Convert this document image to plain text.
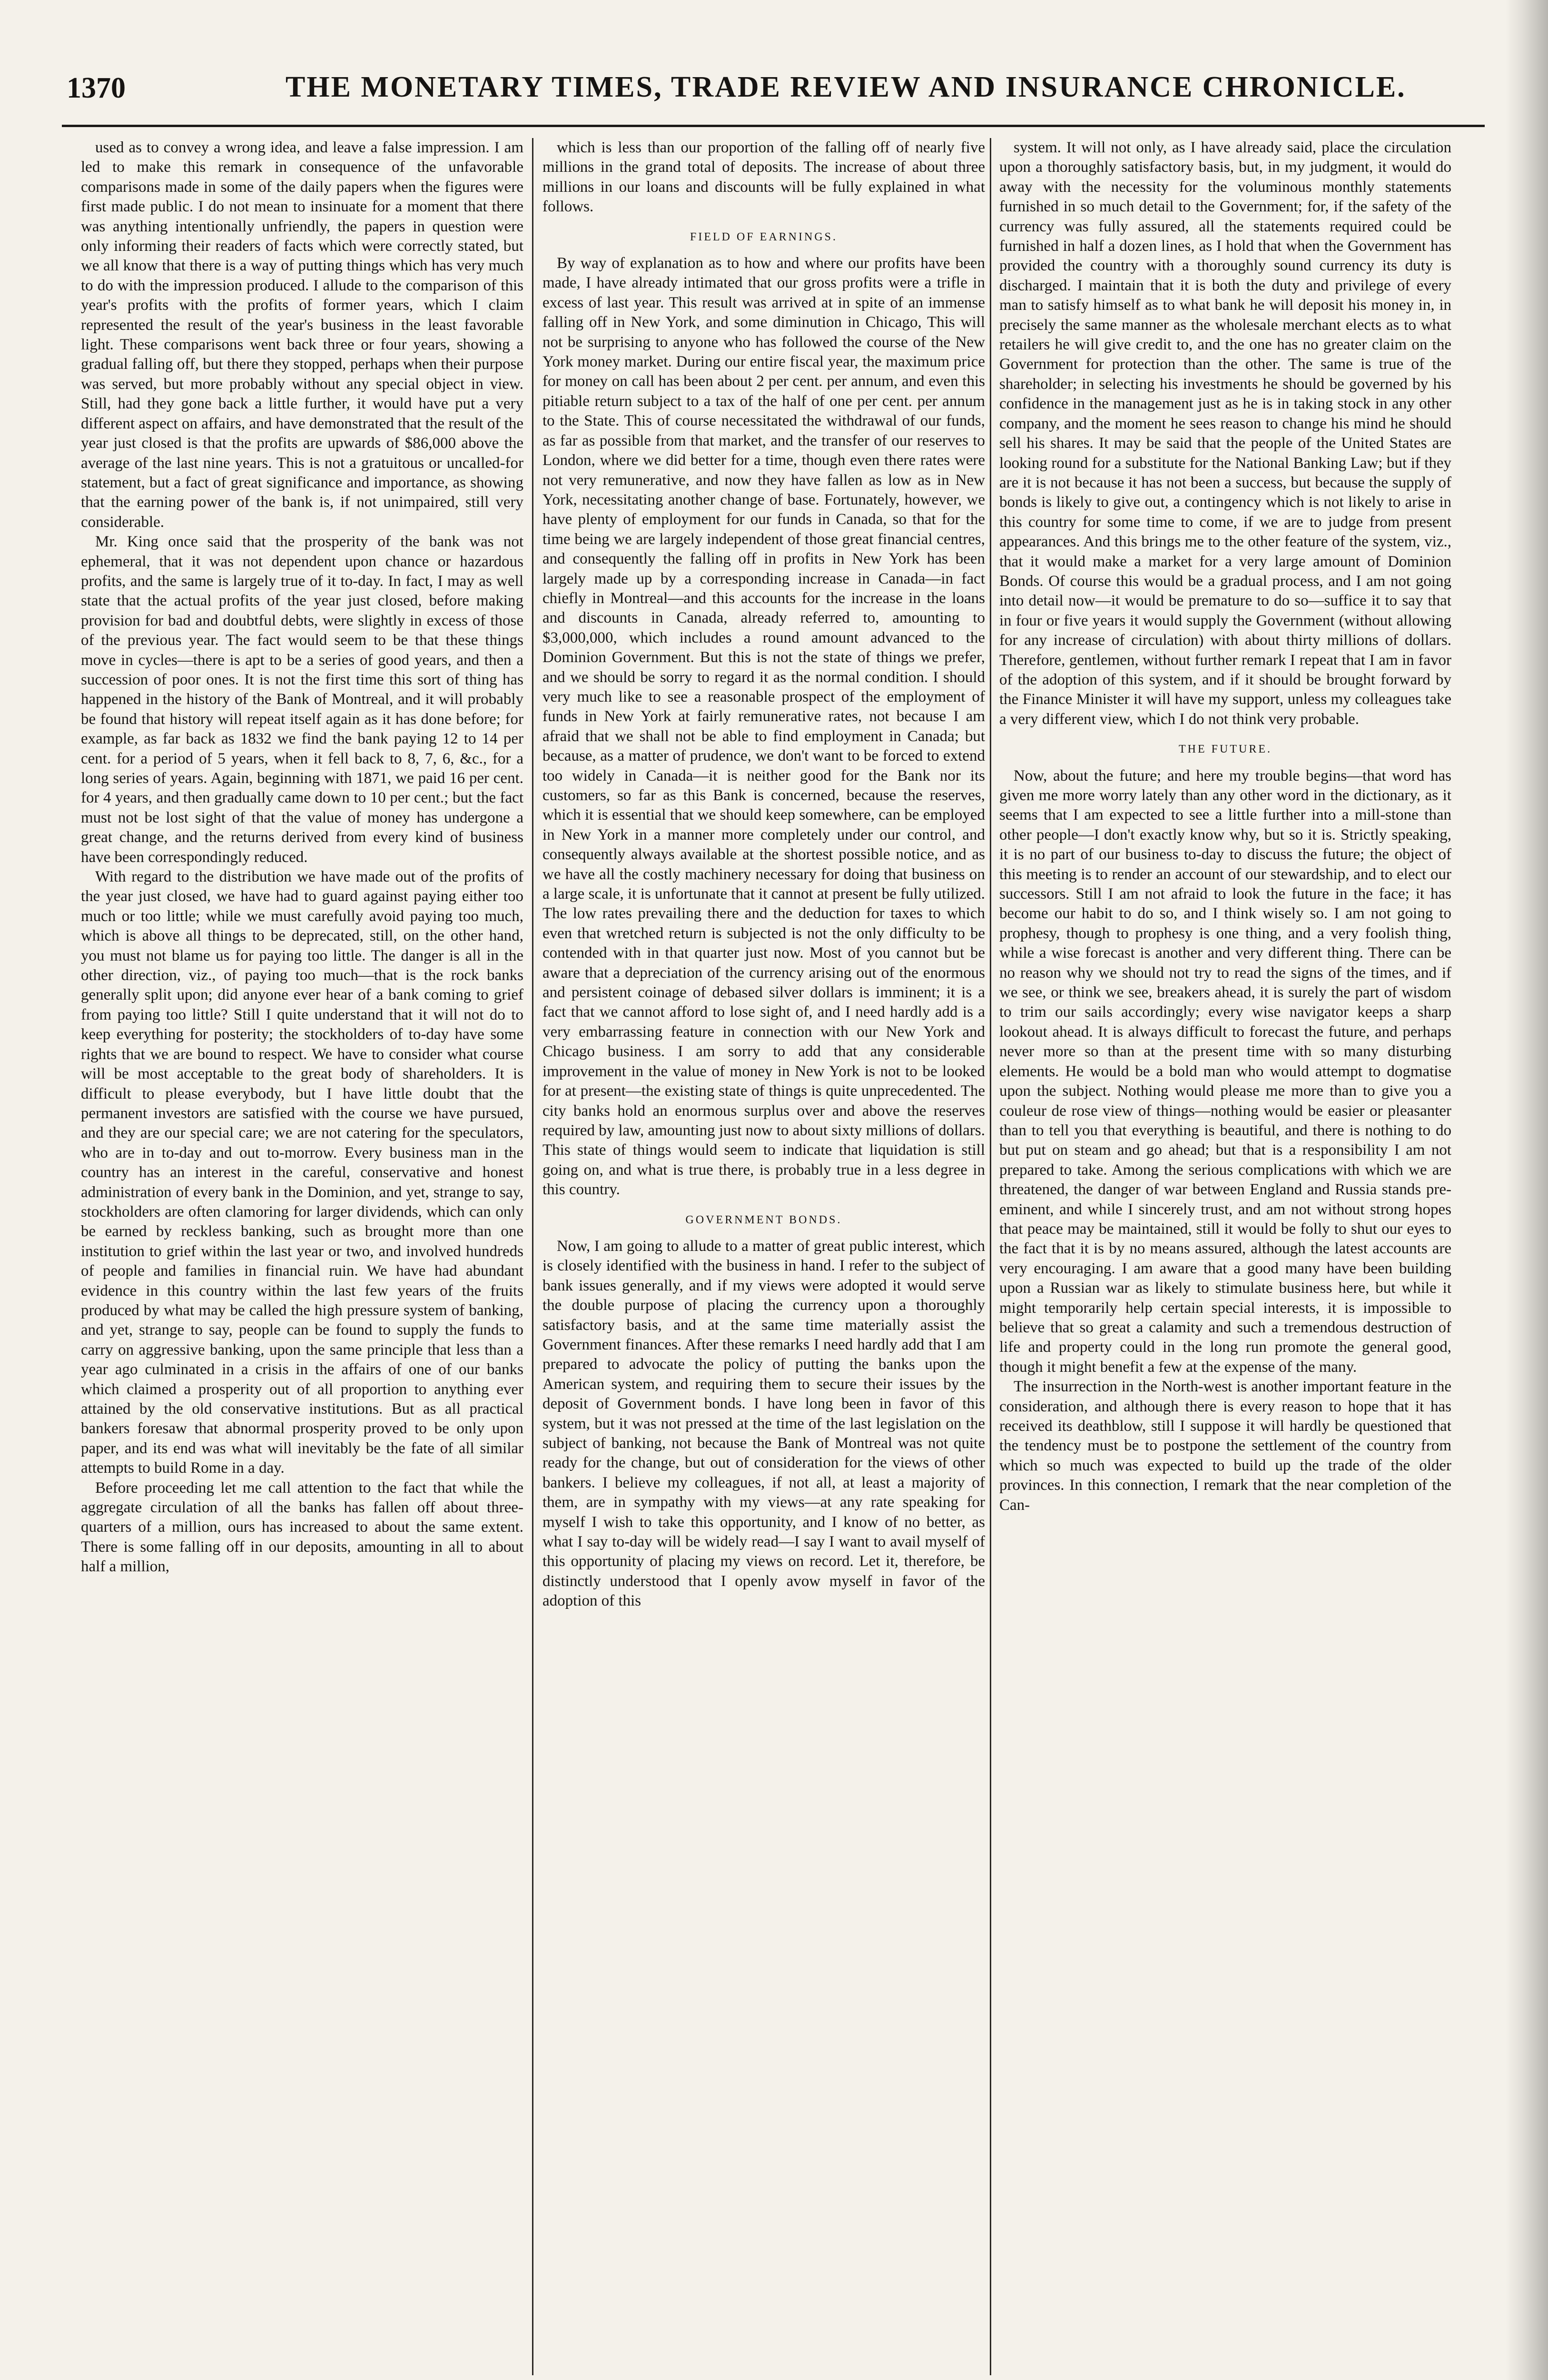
1370	THE MONETARY TIMES, TRADE REVIEW AND INSURANCE CHRONICLE.

used as to convey a wrong idea, and leave a false impression. I am led to make this remark in consequence of the unfavorable comparisons made in some of the daily papers when the figures were first made public. I do not mean to insinuate for a moment that there was anything intentionally unfriendly, the papers in question were only informing their readers of facts which were correctly stated, but we all know that there is a way of putting things which has very much to do with the impression produced. I allude to the comparison of this year's profits with the profits of former years, which I claim represented the result of the year's business in the least favorable light. These comparisons went back three or four years, showing a gradual falling off, but there they stopped, perhaps when their purpose was served, but more probably without any special object in view. Still, had they gone back a little further, it would have put a very different aspect on affairs, and have demonstrated that the result of the year just closed is that the profits are upwards of $86,000 above the average of the last nine years. This is not a gratuitous or uncalled-for statement, but a fact of great significance and importance, as showing that the earning power of the bank is, if not unimpaired, still very considerable.

Mr. King once said that the prosperity of the bank was not ephemeral, that it was not dependent upon chance or hazardous profits, and the same is largely true of it to-day. In fact, I may as well state that the actual profits of the year just closed, before making provision for bad and doubtful debts, were slightly in excess of those of the previous year. The fact would seem to be that these things move in cycles—there is apt to be a series of good years, and then a succession of poor ones. It is not the first time this sort of thing has happened in the history of the Bank of Montreal, and it will probably be found that history will repeat itself again as it has done before; for example, as far back as 1832 we find the bank paying 12 to 14 per cent. for a period of 5 years, when it fell back to 8, 7, 6, &c., for a long series of years. Again, beginning with 1871, we paid 16 per cent. for 4 years, and then gradually came down to 10 per cent.; but the fact must not be lost sight of that the value of money has undergone a great change, and the returns derived from every kind of business have been correspondingly reduced.

With regard to the distribution we have made out of the profits of the year just closed, we have had to guard against paying either too much or too little; while we must carefully avoid paying too much, which is above all things to be deprecated, still, on the other hand, you must not blame us for paying too little. The danger is all in the other direction, viz., of paying too much—that is the rock banks generally split upon; did anyone ever hear of a bank coming to grief from paying too little? Still I quite understand that it will not do to keep everything for posterity; the stockholders of to-day have some rights that we are bound to respect. We have to consider what course will be most acceptable to the great body of shareholders. It is difficult to please everybody, but I have little doubt that the permanent investors are satisfied with the course we have pursued, and they are our special care; we are not catering for the speculators, who are in to-day and out to-morrow. Every business man in the country has an interest in the careful, conservative and honest administration of every bank in the Dominion, and yet, strange to say, stockholders are often clamoring for larger dividends, which can only be earned by reckless banking, such as brought more than one institution to grief within the last year or two, and involved hundreds of people and families in financial ruin. We have had abundant evidence in this country within the last few years of the fruits produced by what may be called the high pressure system of banking, and yet, strange to say, people can be found to supply the funds to carry on aggressive banking, upon the same principle that less than a year ago culminated in a crisis in the affairs of one of our banks which claimed a prosperity out of all proportion to anything ever attained by the old conservative institutions. But as all practical bankers foresaw that abnormal prosperity proved to be only upon paper, and its end was what will inevitably be the fate of all similar attempts to build Rome in a day.

Before proceeding let me call attention to the fact that while the aggregate circulation of all the banks has fallen off about three-quarters of a million, ours has increased to about the same extent. There is some falling off in our deposits, amounting in all to about half a million,

which is less than our proportion of the falling off of nearly five millions in the grand total of deposits. The increase of about three millions in our loans and discounts will be fully explained in what follows.

FIELD OF EARNINGS.

By way of explanation as to how and where our profits have been made, I have already intimated that our gross profits were a trifle in excess of last year. This result was arrived at in spite of an immense falling off in New York, and some diminution in Chicago, This will not be surprising to anyone who has followed the course of the New York money market. During our entire fiscal year, the maximum price for money on call has been about 2 per cent. per annum, and even this pitiable return subject to a tax of the half of one per cent. per annum to the State. This of course necessitated the withdrawal of our funds, as far as possible from that market, and the transfer of our reserves to London, where we did better for a time, though even there rates were not very remunerative, and now they have fallen as low as in New York, necessitating another change of base. Fortunately, however, we have plenty of employment for our funds in Canada, so that for the time being we are largely independent of those great financial centres, and consequently the falling off in profits in New York has been largely made up by a corresponding increase in Canada—in fact chiefly in Montreal—and this accounts for the increase in the loans and discounts in Canada, already referred to, amounting to $3,000,000, which includes a round amount advanced to the Dominion Government. But this is not the state of things we prefer, and we should be sorry to regard it as the normal condition. I should very much like to see a reasonable prospect of the employment of funds in New York at fairly remunerative rates, not because I am afraid that we shall not be able to find employment in Canada; but because, as a matter of prudence, we don't want to be forced to extend too widely in Canada—it is neither good for the Bank nor its customers, so far as this Bank is concerned, because the reserves, which it is essential that we should keep somewhere, can be employed in New York in a manner more completely under our control, and consequently always available at the shortest possible notice, and as we have all the costly machinery necessary for doing that business on a large scale, it is unfortunate that it cannot at present be fully utilized. The low rates prevailing there and the deduction for taxes to which even that wretched return is subjected is not the only difficulty to be contended with in that quarter just now. Most of you cannot but be aware that a depreciation of the currency arising out of the enormous and persistent coinage of debased silver dollars is imminent; it is a fact that we cannot afford to lose sight of, and I need hardly add is a very embarrassing feature in connection with our New York and Chicago business. I am sorry to add that any considerable improvement in the value of money in New York is not to be looked for at present—the existing state of things is quite unprecedented. The city banks hold an enormous surplus over and above the reserves required by law, amounting just now to about sixty millions of dollars. This state of things would seem to indicate that liquidation is still going on, and what is true there, is probably true in a less degree in this country.

GOVERNMENT BONDS.

Now, I am going to allude to a matter of great public interest, which is closely identified with the business in hand. I refer to the subject of bank issues generally, and if my views were adopted it would serve the double purpose of placing the currency upon a thoroughly satisfactory basis, and at the same time materially assist the Government finances. After these remarks I need hardly add that I am prepared to advocate the policy of putting the banks upon the American system, and requiring them to secure their issues by the deposit of Government bonds. I have long been in favor of this system, but it was not pressed at the time of the last legislation on the subject of banking, not because the Bank of Montreal was not quite ready for the change, but out of consideration for the views of other bankers. I believe my colleagues, if not all, at least a majority of them, are in sympathy with my views—at any rate speaking for myself I wish to take this opportunity, and I know of no better, as what I say to-day will be widely read—I say I want to avail myself of this opportunity of placing my views on record. Let it, therefore, be distinctly understood that I openly avow myself in favor of the adoption of this

system. It will not only, as I have already said, place the circulation upon a thoroughly satisfactory basis, but, in my judgment, it would do away with the necessity for the voluminous monthly statements furnished in so much detail to the Government; for, if the safety of the currency was fully assured, all the statements required could be furnished in half a dozen lines, as I hold that when the Government has provided the country with a thoroughly sound currency its duty is discharged. I maintain that it is both the duty and privilege of every man to satisfy himself as to what bank he will deposit his money in, in precisely the same manner as the wholesale merchant elects as to what retailers he will give credit to, and the one has no greater claim on the Government for protection than the other. The same is true of the shareholder; in selecting his investments he should be governed by his confidence in the management just as he is in taking stock in any other company, and the moment he sees reason to change his mind he should sell his shares. It may be said that the people of the United States are looking round for a substitute for the National Banking Law; but if they are it is not because it has not been a success, but because the supply of bonds is likely to give out, a contingency which is not likely to arise in this country for some time to come, if we are to judge from present appearances. And this brings me to the other feature of the system, viz., that it would make a market for a very large amount of Dominion Bonds. Of course this would be a gradual process, and I am not going into detail now—it would be premature to do so—suffice it to say that in four or five years it would supply the Government (without allowing for any increase of circulation) with about thirty millions of dollars. Therefore, gentlemen, without further remark I repeat that I am in favor of the adoption of this system, and if it should be brought forward by the Finance Minister it will have my support, unless my colleagues take a very different view, which I do not think very probable.

THE FUTURE.

Now, about the future; and here my trouble begins—that word has given me more worry lately than any other word in the dictionary, as it seems that I am expected to see a little further into a mill-stone than other people—I don't exactly know why, but so it is. Strictly speaking, it is no part of our business to-day to discuss the future; the object of this meeting is to render an account of our stewardship, and to elect our successors. Still I am not afraid to look the future in the face; it has become our habit to do so, and I think wisely so. I am not going to prophesy, though to prophesy is one thing, and a very foolish thing, while a wise forecast is another and very different thing. There can be no reason why we should not try to read the signs of the times, and if we see, or think we see, breakers ahead, it is surely the part of wisdom to trim our sails accordingly; every wise navigator keeps a sharp lookout ahead. It is always difficult to forecast the future, and perhaps never more so than at the present time with so many disturbing elements. He would be a bold man who would attempt to dogmatise upon the subject. Nothing would please me more than to give you a couleur de rose view of things—nothing would be easier or pleasanter than to tell you that everything is beautiful, and there is nothing to do but put on steam and go ahead; but that is a responsibility I am not prepared to take. Among the serious complications with which we are threatened, the danger of war between England and Russia stands pre-eminent, and while I sincerely trust, and am not without strong hopes that peace may be maintained, still it would be folly to shut our eyes to the fact that it is by no means assured, although the latest accounts are very encouraging. I am aware that a good many have been building upon a Russian war as likely to stimulate business here, but while it might temporarily help certain special interests, it is impossible to believe that so great a calamity and such a tremendous destruction of life and property could in the long run promote the general good, though it might benefit a few at the expense of the many.

The insurrection in the North-west is another important feature in the consideration, and although there is every reason to hope that it has received its deathblow, still I suppose it will hardly be questioned that the tendency must be to postpone the settlement of the country from which so much was expected to build up the trade of the older provinces. In this connection, I remark that the near completion of the Can-
